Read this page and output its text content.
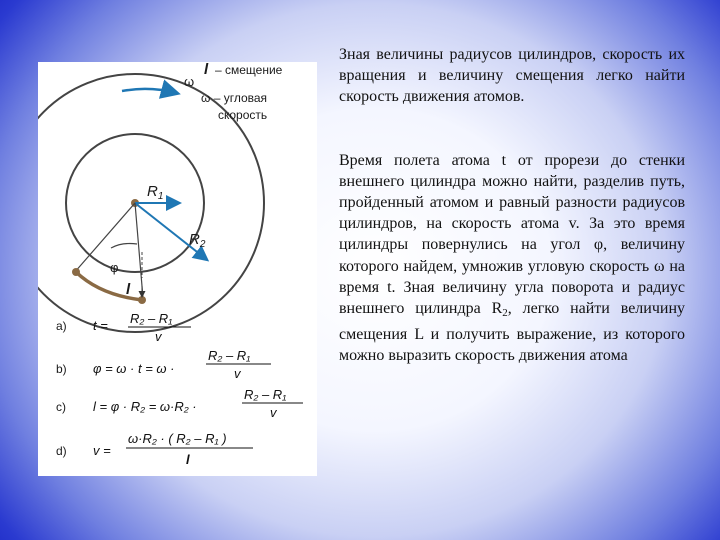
ω
l – смещение
ω – угловая
скорость
$R_1$
$R_2$
φ
l
a) t = R₂ – R₁
v
b) φ = ω · t = ω ·
R₂ – R₁
v
c) l = φ · R₂ = ω·R₂ ·
R₂ – R₁
v
d) v =
ω·R₂ · ( R₂ – R₁ )
l

Зная величины радиусов цилиндров, скорость их вращения и величину смещения легко найти скорость движения атомов.

Время полета атома t от прорези до стенки внешнего цилиндра можно найти, разделив путь, пройденный атомом и равный разности радиусов цилиндров, на скорость атома v. За это время цилиндры повернулись на угол φ, величину которого найдем, умножив угловую скорость ω на время t. Зная величину угла поворота и радиус внешнего цилиндра $R_2$, легко найти величину смещения L и получить выражение, из которого можно выразить скорость движения атома
